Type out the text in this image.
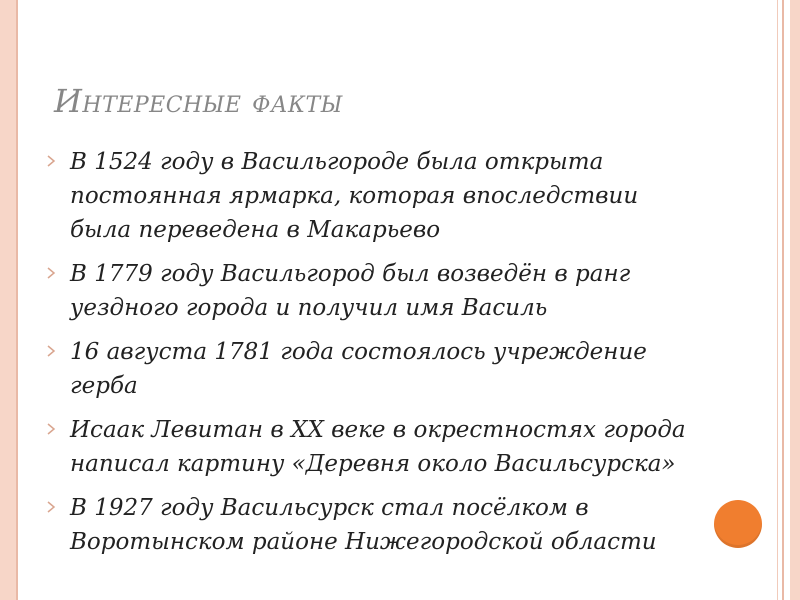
Интересные факты
В 1524 году в Васильгороде была открыта постоянная ярмарка, которая впоследствии была переведена в Макарьево
В 1779 году Васильгород был возведён в ранг уездного города и получил имя Василь
16 августа 1781 года состоялось учреждение герба
Исаак Левитан в XX веке в окрестностях города написал картину «Деревня около Васильсурска»
В 1927 году Васильсурск стал посёлком в Воротынском районе Нижегородской области
